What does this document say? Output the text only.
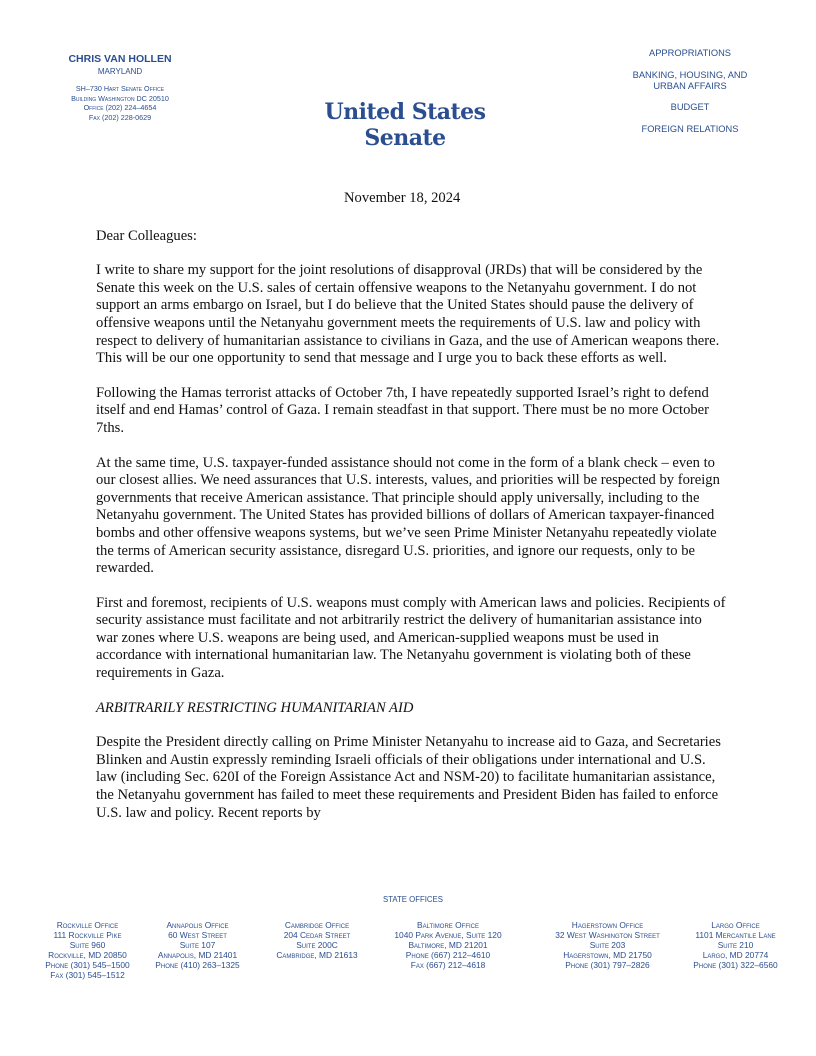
CHRIS VAN HOLLEN
MARYLAND
SH–730 Hart Senate Office
Building Washington DC 20510
Office (202) 224–4654
Fax (202) 228-0629	United States Senate
APPROPRIATIONS
BANKING, HOUSING, AND URBAN AFFAIRS
BUDGET
FOREIGN RELATIONS

November 18, 2024

Dear Colleagues:

I write to share my support for the joint resolutions of disapproval (JRDs) that will be considered by the Senate this week on the U.S. sales of certain offensive weapons to the Netanyahu government. I do not support an arms embargo on Israel, but I do believe that the United States should pause the delivery of offensive weapons until the Netanyahu government meets the requirements of U.S. law and policy with respect to delivery of humanitarian assistance to civilians in Gaza, and the use of American weapons there. This will be our one opportunity to send that message and I urge you to back these efforts as well.

Following the Hamas terrorist attacks of October 7th, I have repeatedly supported Israel’s right to defend itself and end Hamas’ control of Gaza. I remain steadfast in that support. There must be no more October 7ths.

At the same time, U.S. taxpayer-funded assistance should not come in the form of a blank check – even to our closest allies. We need assurances that U.S. interests, values, and priorities will be respected by foreign governments that receive American assistance. That principle should apply universally, including to the Netanyahu government. The United States has provided billions of dollars of American taxpayer-financed bombs and other offensive weapons systems, but we’ve seen Prime Minister Netanyahu repeatedly violate the terms of American security assistance, disregard U.S. priorities, and ignore our requests, only to be rewarded.

First and foremost, recipients of U.S. weapons must comply with American laws and policies. Recipients of security assistance must facilitate and not arbitrarily restrict the delivery of humanitarian assistance into war zones where U.S. weapons are being used, and American-supplied weapons must be used in accordance with international humanitarian law. The Netanyahu government is violating both of these requirements in Gaza.

ARBITRARILY RESTRICTING HUMANITARIAN AID

Despite the President directly calling on Prime Minister Netanyahu to increase aid to Gaza, and Secretaries Blinken and Austin expressly reminding Israeli officials of their obligations under international and U.S. law (including Sec. 620I of the Foreign Assistance Act and NSM-20) to facilitate humanitarian assistance, the Netanyahu government has failed to meet these requirements and President Biden has failed to enforce U.S. law and policy. Recent reports by

STATE OFFICES
Rockville Office
111 Rockville Pike
Suite 960
Rockville, MD 20850
Phone (301) 545–1500
Fax (301) 545–1512
Annapolis Office
60 West Street
Suite 107
Annapolis, MD 21401
Phone (410) 263–1325
Cambridge Office
204 Cedar Street
Suite 200C
Cambridge, MD 21613
Baltimore Office
1040 Park Avenue, Suite 120
Baltimore, MD 21201
Phone (667) 212–4610
Fax (667) 212–4618
Hagerstown Office
32 West Washington Street
Suite 203
Hagerstown, MD 21750
Phone (301) 797–2826
Largo Office
1101 Mercantile Lane
Suite 210
Largo, MD 20774
Phone (301) 322–6560
